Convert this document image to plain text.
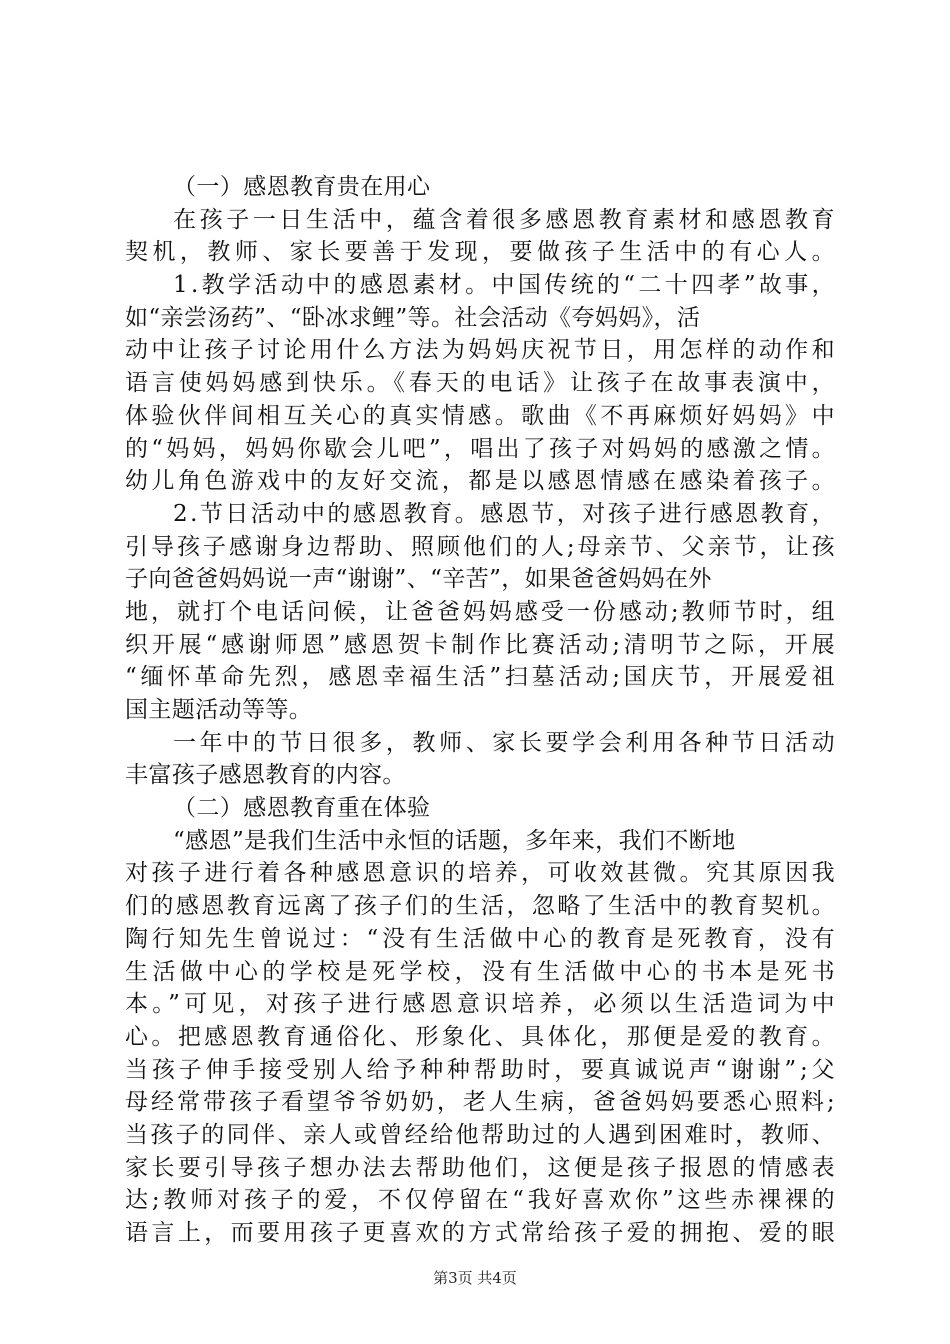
（一）感恩教育贵在用心
在孩子一日生活中，蕴含着很多感恩教育素材和感恩教育
契机，教师、家长要善于发现，要做孩子生活中的有心人。
1.教学活动中的感恩素材。中国传统的“二十四孝”故事，
如“亲尝汤药”、“卧冰求鲤”等。社会活动《夸妈妈》，活
动中让孩子讨论用什么方法为妈妈庆祝节日，用怎样的动作和
语言使妈妈感到快乐。《春天的电话》让孩子在故事表演中，
体验伙伴间相互关心的真实情感。歌曲《不再麻烦好妈妈》中
的“妈妈，妈妈你歇会儿吧”，唱出了孩子对妈妈的感激之情。
幼儿角色游戏中的友好交流，都是以感恩情感在感染着孩子。
2.节日活动中的感恩教育。感恩节，对孩子进行感恩教育，
引导孩子感谢身边帮助、照顾他们的人;母亲节、父亲节，让孩
子向爸爸妈妈说一声“谢谢”、“辛苦”，如果爸爸妈妈在外
地，就打个电话问候，让爸爸妈妈感受一份感动;教师节时，组
织开展“感谢师恩”感恩贺卡制作比赛活动;清明节之际，开展
“缅怀革命先烈，感恩幸福生活”扫墓活动;国庆节，开展爱祖
国主题活动等等。
一年中的节日很多，教师、家长要学会利用各种节日活动
丰富孩子感恩教育的内容。
（二）感恩教育重在体验
“感恩”是我们生活中永恒的话题，多年来，我们不断地
对孩子进行着各种感恩意识的培养，可收效甚微。究其原因我
们的感恩教育远离了孩子们的生活，忽略了生活中的教育契机。
陶行知先生曾说过：“没有生活做中心的教育是死教育，没有
生活做中心的学校是死学校，没有生活做中心的书本是死书
本。”可见，对孩子进行感恩意识培养，必须以生活造词为中
心。把感恩教育通俗化、形象化、具体化，那便是爱的教育。
当孩子伸手接受别人给予种种帮助时，要真诚说声“谢谢”;父
母经常带孩子看望爷爷奶奶，老人生病，爸爸妈妈要悉心照料;
当孩子的同伴、亲人或曾经给他帮助过的人遇到困难时，教师、
家长要引导孩子想办法去帮助他们，这便是孩子报恩的情感表
达;教师对孩子的爱，不仅停留在“我好喜欢你”这些赤裸裸的
语言上，而要用孩子更喜欢的方式常给孩子爱的拥抱、爱的眼
第3页 共4页
